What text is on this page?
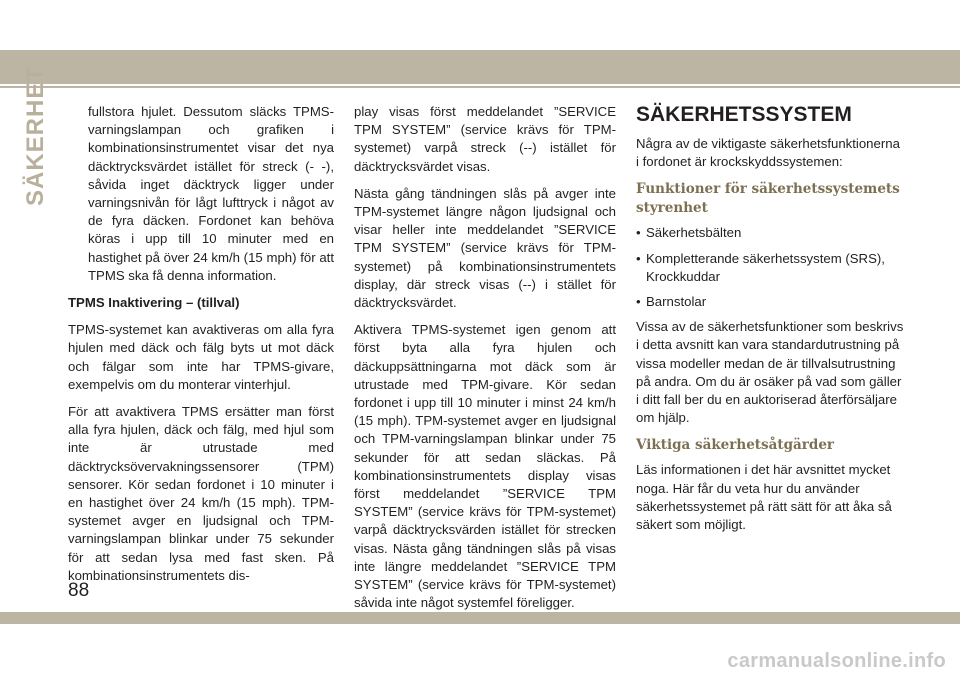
SÄKERHET	fullstora hjulet. Dessutom släcks TPMS-varningslampan och grafiken i kombinationsinstrumentet visar det nya däcktrycksvärdet istället för streck (- -), såvida inget däcktryck ligger under varningsnivån för lågt lufttryck i något av de fyra däcken. Fordonet kan behöva köras i upp till 10 minuter med en hastighet på över 24 km/h (15 mph) för att TPMS ska få denna information.

TPMS Inaktivering – (tillval)

TPMS-systemet kan avaktiveras om alla fyra hjulen med däck och fälg byts ut mot däck och fälgar som inte har TPMS-givare, exempelvis om du monterar vinterhjul.

För att avaktivera TPMS ersätter man först alla fyra hjulen, däck och fälg, med hjul som inte är utrustade med däcktrycksövervakningssensorer (TPM) sensorer. Kör sedan fordonet i 10 minuter i en hastighet över 24 km/h (15 mph). TPM-systemet avger en ljudsignal och TPM-varningslampan blinkar under 75 sekunder för att sedan lysa med fast sken. På kombinationsinstrumentets dis-

play visas först meddelandet ”SERVICE TPM SYSTEM” (service krävs för TPM-systemet) varpå streck (--) istället för däcktrycksvärdet visas.

Nästa gång tändningen slås på avger inte TPM-systemet längre någon ljudsignal och visar heller inte meddelandet ”SERVICE TPM SYSTEM” (service krävs för TPM-systemet) på kombinationsinstrumentets display, där streck visas (--) i stället för däcktrycksvärdet.

Aktivera TPMS-systemet igen genom att först byta alla fyra hjulen och däckuppsättningarna mot däck som är utrustade med TPM-givare. Kör sedan fordonet i upp till 10 minuter i minst 24 km/h (15 mph). TPM-systemet avger en ljudsignal och TPM-varningslampan blinkar under 75 sekunder för att sedan släckas. På kombinationsinstrumentets display visas först meddelandet ”SERVICE TPM SYSTEM” (service krävs för TPM-systemet) varpå däcktrycksvärden istället för strecken visas. Nästa gång tändningen slås på visas inte längre meddelandet ”SERVICE TPM SYSTEM” (service krävs för TPM-systemet) såvida inte något systemfel föreligger.

SÄKERHETSSYSTEM

Några av de viktigaste säkerhetsfunktionerna i fordonet är krockskyddssystemen:

Funktioner för säkerhetssystemets styrenhet
• Säkerhetsbälten
• Kompletterande säkerhetssystem (SRS), Krockkuddar
• Barnstolar

Vissa av de säkerhetsfunktioner som beskrivs i detta avsnitt kan vara standardutrustning på vissa modeller medan de är tillvalsutrustning på andra. Om du är osäker på vad som gäller i ditt fall ber du en auktoriserad återförsäljare om hjälp.

Viktiga säkerhetsåtgärder

Läs informationen i det här avsnittet mycket noga. Här får du veta hur du använder säkerhetssystemet på rätt sätt för att åka så säkert som möjligt.

88
carmanualsonline.info
